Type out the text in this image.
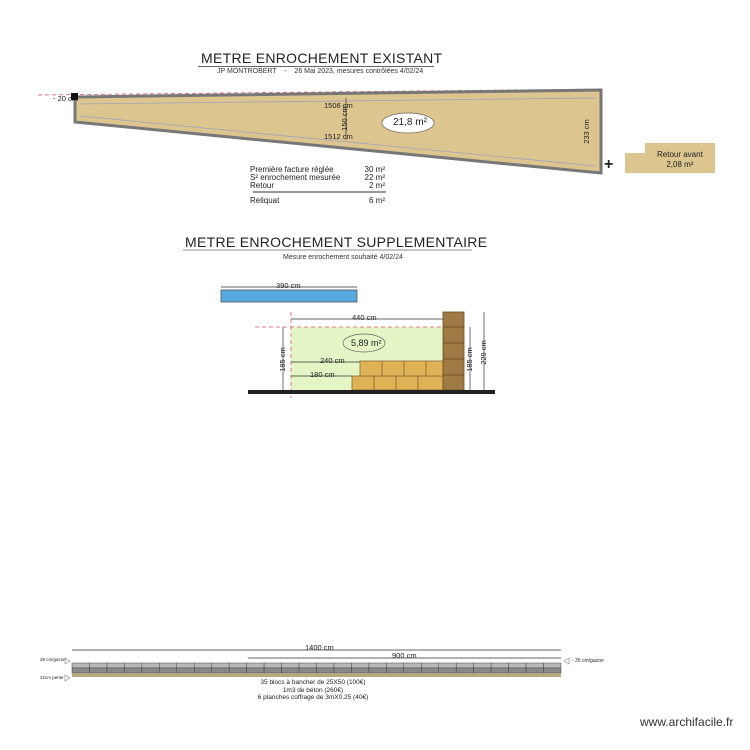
METRE ENROCHEMENT EXISTANT
JP MONTROBERT - 26 Mai 2023, mesures contrôlées 4/02/24
- 20 cm
1506 cm
1512 cm
150 cm
233 cm
21,8 m²
+
Retour avant
2,08 m²
Première facture réglée	30 m²
S² enrochement mesurée	22 m²
Retour	2 m²
Reliquat	6 m²
METRE ENROCHEMENT SUPPLEMENTAIRE
Mesure enrochement souhaité 4/02/24
390 cm
440 cm
240 cm
180 cm
185 cm	185 cm 229 cm
5,89 m²
1400 cm
900 cm
28 cm/gazon
22cm pente
- 35 cm/gazon
35 blocs à bancher de 25X50 (100€)
1m3 de béton (260€)
6 planches coffrage de 3mX0,25 (40€)
www.archifacile.fr
